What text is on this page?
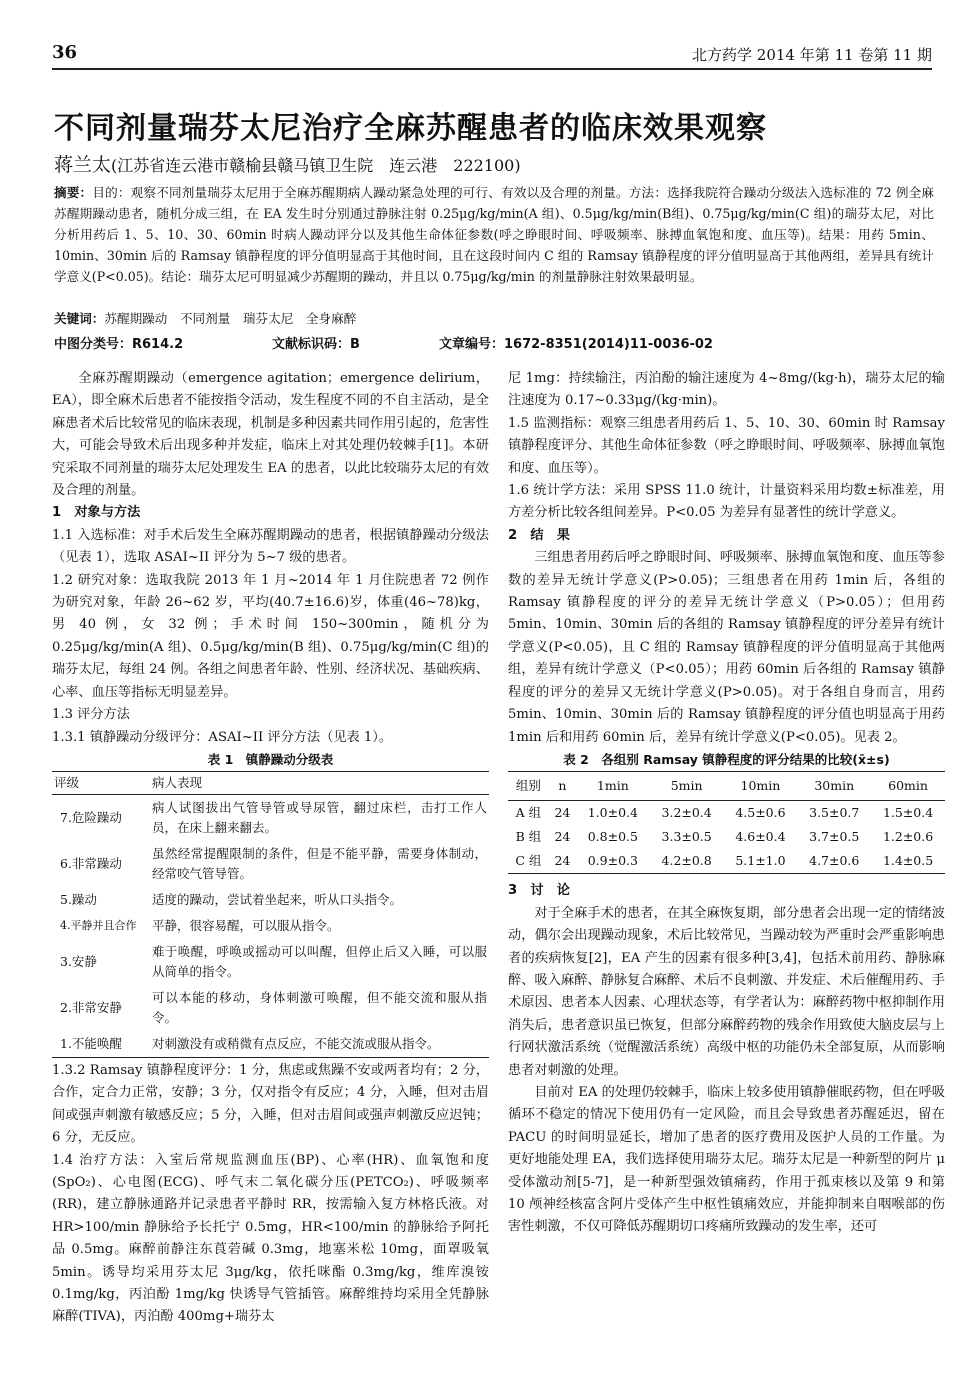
36	北方药学 2014 年第 11 卷第 11 期
不同剂量瑞芬太尼治疗全麻苏醒患者的临床效果观察
蒋兰太(江苏省连云港市赣榆县赣马镇卫生院　连云港　222100)
摘要：目的：观察不同剂量瑞芬太尼用于全麻苏醒期病人躁动紧急处理的可行、有效以及合理的剂量。方法：选择我院符合躁动分级法入选标准的 72 例全麻苏醒期躁动患者，随机分成三组，在 EA 发生时分别通过静脉注射 0.25μg/kg/min(A 组)、0.5μg/kg/min(B组)、0.75μg/kg/min(C 组)的瑞芬太尼，对比分析用药后 1、5、10、30、60min 时病人躁动评分以及其他生命体征参数(呼之睁眼时间、呼吸频率、脉搏血氧饱和度、血压等)。结果：用药 5min、10min、30min 后的 Ramsay 镇静程度的评分值明显高于其他时间，且在这段时间内 C 组的 Ramsay 镇静程度的评分值明显高于其他两组，差异具有统计学意义(P<0.05)。结论：瑞芬太尼可明显减少苏醒期的躁动，并且以 0.75μg/kg/min 的剂量静脉注射效果最明显。
关键词：苏醒期躁动　不同剂量　瑞芬太尼　全身麻醉
中图分类号：R614.2	文献标识码：B	文章编号：1672-8351(2014)11-0036-02

全麻苏醒期躁动（emergence agitation；emergence delirium，EA），即全麻术后患者不能按指令活动，发生程度不同的不自主活动，是全麻患者术后比较常见的临床表现，机制是多种因素共同作用引起的，危害性大，可能会导致术后出现多种并发症，临床上对其处理仍较棘手[1]。本研究采取不同剂量的瑞芬太尼处理发生 EA 的患者，以此比较瑞芬太尼的有效及合理的剂量。

1　对象与方法

1.1 入选标准：对手术后发生全麻苏醒期躁动的患者，根据镇静躁动分级法（见表 1），选取 ASAI~II 评分为 5~7 级的患者。

1.2 研究对象：选取我院 2013 年 1 月~2014 年 1 月住院患者 72 例作为研究对象，年龄 26~62 岁，平均(40.7±16.6)岁，体重(46~78)kg，男 40 例，女 32 例；手术时间 150~300min，随机分为 0.25μg/kg/min(A 组)、0.5μg/kg/min(B 组)、0.75μg/kg/min(C 组)的瑞芬太尼，每组 24 例。各组之间患者年龄、性别、经济状况、基础疾病、心率、血压等指标无明显差异。

1.3 评分方法

1.3.1 镇静躁动分级评分：ASAI~II 评分方法（见表 1）。

表 1　镇静躁动分级表
评级	病人表现
7.危险躁动	病人试图拔出气管导管或导尿管，翻过床栏，击打工作人员，在床上翻来翻去。
6.非常躁动	虽然经常提醒限制的条件，但是不能平静，需要身体制动，经常咬气管导管。
5.躁动	适度的躁动，尝试着坐起来，听从口头指令。
4.平静并且合作	平静，很容易醒，可以服从指令。
3.安静	难于唤醒，呼唤或摇动可以叫醒，但停止后又入睡，可以服从简单的指令。
2.非常安静	可以本能的移动，身体刺激可唤醒，但不能交流和服从指令。
1.不能唤醒	对刺激没有或稍微有点反应，不能交流或服从指令。

1.3.2 Ramsay 镇静程度评分：1 分，焦虑或焦躁不安或两者均有；2 分，合作，定合力正常，安静；3 分，仅对指令有反应；4 分，入睡，但对击眉间或强声刺激有敏感反应；5 分，入睡，但对击眉间或强声刺激反应迟钝；6 分，无反应。

1.4 治疗方法：入室后常规监测血压(BP)、心率(HR)、血氧饱和度(SpO₂)、心电图(ECG)、呼气末二氧化碳分压(PETCO₂)、呼吸频率(RR)，建立静脉通路并记录患者平静时 RR，按需输入复方林格氏液。对 HR>100/min 静脉给予长托宁 0.5mg，HR<100/min 的静脉给予阿托品 0.5mg。麻醉前静注东莨菪碱 0.3mg，地塞米松 10mg，面罩吸氧 5min。诱导均采用芬太尼 3μg/kg，依托咪酯 0.3mg/kg，维库溴铵 0.1mg/kg，丙泊酚 1mg/kg 快诱导气管插管。麻醉维持均采用全凭静脉麻醉(TIVA)，丙泊酚 400mg+瑞芬太

尼 1mg：持续输注，丙泊酚的输注速度为 4~8mg/(kg·h)，瑞芬太尼的输注速度为 0.17~0.33μg/(kg·min)。

1.5 监测指标：观察三组患者用药后 1、5、10、30、60min 时 Ramsay 镇静程度评分、其他生命体征参数（呼之睁眼时间、呼吸频率、脉搏血氧饱和度、血压等）。

1.6 统计学方法：采用 SPSS 11.0 统计，计量资料采用均数±标准差，用方差分析比较各组间差异。P<0.05 为差异有显著性的统计学意义。

2　结　果

三组患者用药后呼之睁眼时间、呼吸频率、脉搏血氧饱和度、血压等参数的差异无统计学意义(P>0.05)；三组患者在用药 1min 后，各组的 Ramsay 镇静程度的评分的差异无统计学意义（P>0.05）；但用药 5min、10min、30min 后的各组的 Ramsay 镇静程度的评分差异有统计学意义(P<0.05)，且 C 组的 Ramsay 镇静程度的评分值明显高于其他两组，差异有统计学意义（P<0.05）；用药 60min 后各组的 Ramsay 镇静程度的评分的差异又无统计学意义(P>0.05)。对于各组自身而言，用药 5min、10min、30min 后的 Ramsay 镇静程度的评分值也明显高于用药 1min 后和用药 60min 后，差异有统计学意义(P<0.05)。见表 2。

表 2　各组别 Ramsay 镇静程度的评分结果的比较(x̄±s)
组别	n	1min	5min	10min	30min	60min
A 组	24	1.0±0.4	3.2±0.4	4.5±0.6	3.5±0.7	1.5±0.4
B 组	24	0.8±0.5	3.3±0.5	4.6±0.4	3.7±0.5	1.2±0.6
C 组	24	0.9±0.3	4.2±0.8	5.1±1.0	4.7±0.6	1.4±0.5

3　讨　论

对于全麻手术的患者，在其全麻恢复期，部分患者会出现一定的情绪波动，偶尔会出现躁动现象，术后比较常见，当躁动较为严重时会严重影响患者的疾病恢复[2]，EA 产生的因素有很多种[3,4]，包括术前用药、静脉麻醉、吸入麻醉、静脉复合麻醉、术后不良刺激、并发症、术后催醒用药、手术原因、患者本人因素、心理状态等，有学者认为：麻醉药物中枢抑制作用消失后，患者意识虽已恢复，但部分麻醉药物的残余作用致使大脑皮层与上行网状激活系统（觉醒激活系统）高级中枢的功能仍未全部复原，从而影响患者对刺激的处理。

目前对 EA 的处理仍较棘手，临床上较多使用镇静催眠药物，但在呼吸循环不稳定的情况下使用仍有一定风险，而且会导致患者苏醒延迟，留在 PACU 的时间明显延长，增加了患者的医疗费用及医护人员的工作量。为更好地能处理 EA，我们选择使用瑞芬太尼。瑞芬太尼是一种新型的阿片 μ 受体激动剂[5-7]，是一种新型强效镇痛药，作用于孤束核以及第 9 和第 10 颅神经核富含阿片受体产生中枢性镇痛效应，并能抑制来自咽喉部的伤害性刺激，不仅可降低苏醒期切口疼痛所致躁动的发生率，还可
